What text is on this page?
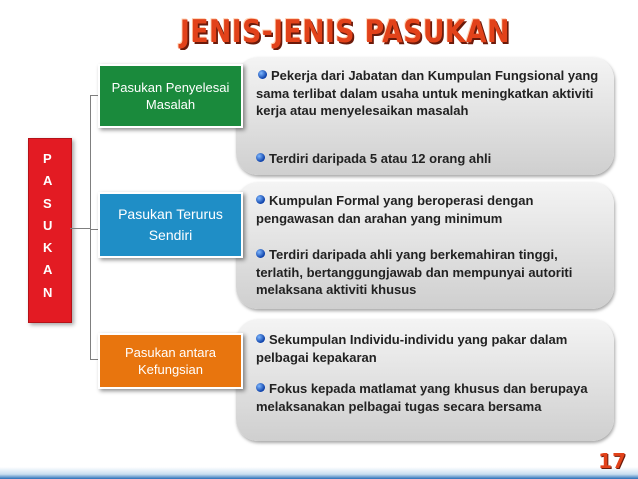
JENIS-JENIS PASUKAN
P
A
S
U
K
A
N
Pasukan Penyelesai
Masalah
Pasukan Terurus
Sendiri
Pasukan antara
Kefungsian
Pekerja dari Jabatan dan Kumpulan Fungsional yang sama terlibat dalam usaha untuk meningkatkan aktiviti kerja atau menyelesaikan masalah
Terdiri daripada 5 atau 12 orang ahli
Kumpulan Formal yang beroperasi dengan pengawasan dan arahan yang minimum
Terdiri daripada ahli yang berkemahiran tinggi, terlatih, bertanggungjawab dan mempunyai autoriti melaksana aktiviti khusus
Sekumpulan Individu-individu yang pakar dalam pelbagai kepakaran
Fokus kepada matlamat yang khusus dan berupaya melaksanakan pelbagai tugas secara bersama
17
